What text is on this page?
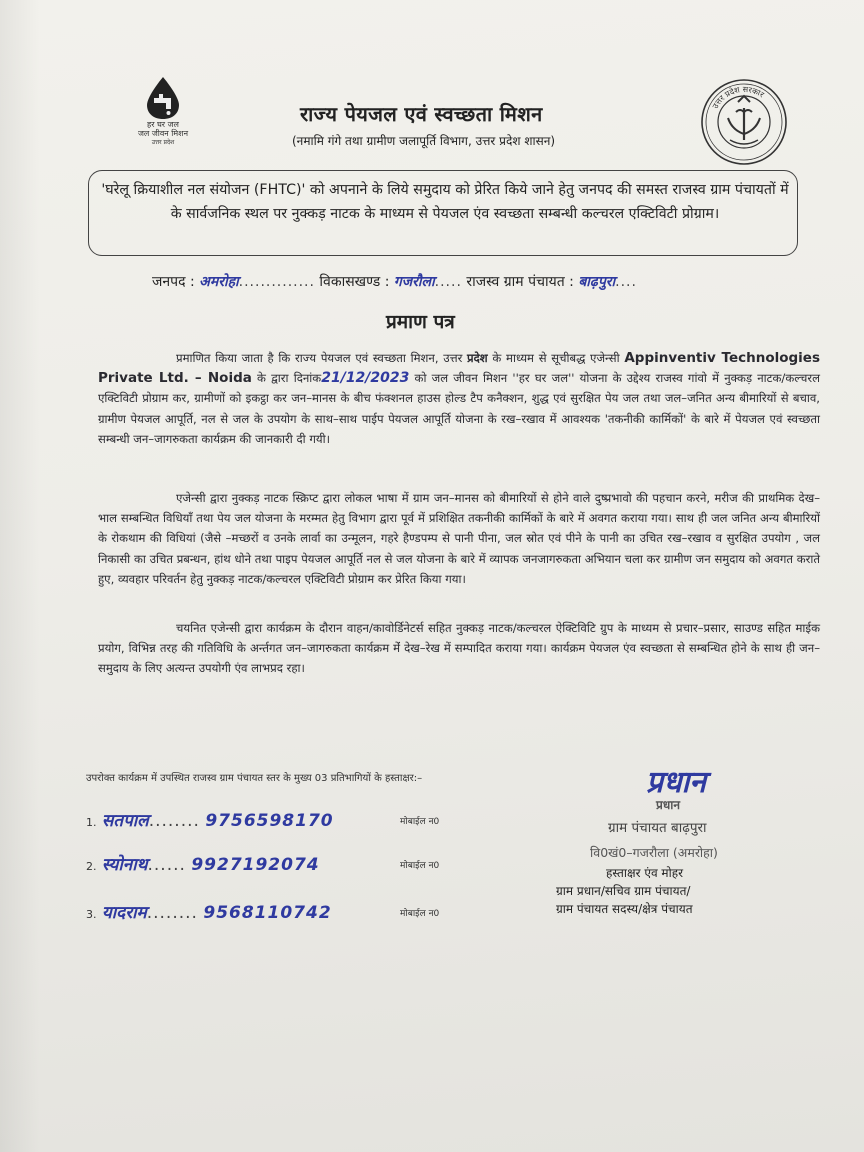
हर घर जल
जल जीवन मिशन
उत्तर प्रदेश
उत्तर प्रदेश सरकार
राज्य पेयजल एवं स्वच्छता मिशन
(नमामि गंगे तथा ग्रामीण जलापूर्ति विभाग, उत्तर प्रदेश शासन)
'घरेलू क्रियाशील नल संयोजन (FHTC)' को अपनाने के लिये समुदाय को प्रेरित किये जाने हेतु जनपद की समस्त राजस्व ग्राम पंचायतों में के सार्वजनिक स्थल पर नुक्कड़ नाटक के माध्यम से पेयजल एंव स्वच्छता सम्बन्धी कल्चरल एक्टिविटी प्रोग्राम।
जनपद : अमरोहा.............. विकासखण्ड : गजरौला..... राजस्व ग्राम पंचायत : बाढ़पुरा....
प्रमाण पत्र
प्रमाणित किया जाता है कि राज्य पेयजल एवं स्वच्छता मिशन, उत्तर प्रदेश के माध्यम से सूचीबद्ध एजेन्सी Appinventiv Technologies Private Ltd. – Noida के द्वारा दिनांक21/12/2023 को जल जीवन मिशन ''हर घर जल'' योजना के उद्देश्य राजस्व गांवो में नुक्कड़ नाटक/कल्चरल एक्टिविटी प्रोग्राम कर, ग्रामीणों को इकट्ठा कर जन–मानस के बीच फंक्शनल हाउस होल्ड टैप कनैक्शन, शुद्ध एवं सुरक्षित पेय जल तथा जल–जनित अन्य बीमारियों से बचाव, ग्रामीण पेयजल आपूर्ति, नल से जल के उपयोग के साथ–साथ पाईप पेयजल आपूर्ति योजना के रख–रखाव में आवश्यक 'तकनीकी कार्मिकों' के बारे में पेयजल एवं स्वच्छता सम्बन्धी जन–जागरुकता कार्यक्रम की जानकारी दी गयी।
एजेन्सी द्वारा नुक्कड़ नाटक स्क्रिप्ट द्वारा लोकल भाषा में ग्राम जन–मानस को बीमारियों से होने वाले दुष्प्रभावो की पहचान करने, मरीज की प्राथमिक देख–भाल सम्बन्धित विधियाँ तथा पेय जल योजना के मरम्मत हेतु विभाग द्वारा पूर्व में प्रशिक्षित तकनीकी कार्मिकों के बारे में अवगत कराया गया। साथ ही जल जनित अन्य बीमारियों के रोकथाम की विधियां (जैसे –मच्छरों व उनके लार्वा का उन्मूलन, गहरे हैण्डपम्प से पानी पीना, जल स्रोत एवं पीने के पानी का उचित रख–रखाव व सुरक्षित उपयोग , जल निकासी का उचित प्रबन्धन, हांथ धोने तथा पाइप पेयजल आपूर्ति नल से जल योजना के बारे में व्यापक जनजागरुकता अभियान चला कर ग्रामीण जन समुदाय को अवगत कराते हुए, व्यवहार परिवर्तन हेतु नुक्कड़ नाटक/कल्चरल एक्टिविटी प्रोग्राम कर प्रेरित किया गया।
चयनित एजेन्सी द्वारा कार्यक्रम के दौरान वाहन/कावोर्डिनेटर्स सहित नुक्कड़ नाटक/कल्चरल ऐक्टिविटि ग्रुप के माध्यम से प्रचार–प्रसार, साउण्ड सहित माईक प्रयोग, विभिन्न तरह की गतिविधि के अर्न्तगत जन–जागरुकता कार्यक्रम मेंं देख–रेख में सम्पादित कराया गया। कार्यक्रम पेयजल एंव स्वच्छता से सम्बन्धित होने के साथ ही जन–समुदाय के लिए अत्यन्त उपयोगी एंव लाभप्रद रहा।
उपरोक्त कार्यक्रम में उपस्थित राजस्व ग्राम पंचायत स्तर के मुख्य 03 प्रतिभागियों के हस्ताक्षर:–
1. सतपाल........ 9756598170	मोबाईल न0
2. स्योनाथ...... 9927192074	मोबाईल न0
3. यादराम........ 9568110742	मोबाईल न0
प्रधान
प्रधान
ग्राम पंचायत बाढ़पुरा
वि0खं0–गजरौला (अमरोहा)
हस्ताक्षर एंव मोहर
ग्राम प्रधान/सचिव ग्राम पंचायत/
ग्राम पंचायत सदस्य/क्षेत्र पंचायत
